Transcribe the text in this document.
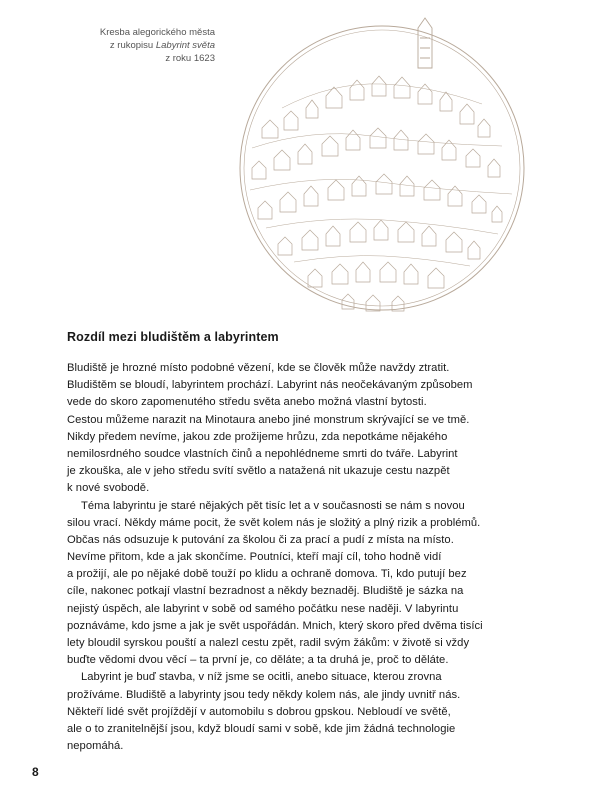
Kresba alegorického města
z rukopisu Labyrint světa
z roku 1623
Rozdíl mezi bludištěm a labyrintem
Bludiště je hrozné místo podobné vězení, kde se člověk může navždy ztratit.
Bludištěm se bloudí, labyrintem prochází. Labyrint nás neočekávaným způsobem
vede do skoro zapomenutého středu světa anebo možná vlastní bytosti.
Cestou můžeme narazit na Minotaura anebo jiné monstrum skrývající se ve tmě.
Nikdy předem nevíme, jakou zde prožijeme hrůzu, zda nepotkáme nějakého
nemilosrdného soudce vlastních činů a nepohlédneme smrti do tváře. Labyrint
je zkouška, ale v jeho středu svítí světlo a natažená nit ukazuje cestu nazpět
k nové svobodě.
Téma labyrintu je staré nějakých pět tisíc let a v současnosti se nám s novou
silou vrací. Někdy máme pocit, že svět kolem nás je složitý a plný rizik a problémů.
Občas nás odsuzuje k putování za školou či za prací a pudí z místa na místo.
Nevíme přitom, kde a jak skončíme. Poutníci, kteří mají cíl, toho hodně vidí
a prožijí, ale po nějaké době touží po klidu a ochraně domova. Ti, kdo putují bez
cíle, nakonec potkají vlastní bezradnost a někdy beznaděj. Bludiště je sázka na
nejistý úspěch, ale labyrint v sobě od samého počátku nese naději. V labyrintu
poznáváme, kdo jsme a jak je svět uspořádán. Mnich, který skoro před dvěma tisíci
lety bloudil syrskou pouští a nalezl cestu zpět, radil svým žákům: v životě si vždy
buďte vědomi dvou věcí – ta první je, co děláte; a ta druhá je, proč to děláte.
Labyrint je buď stavba, v níž jsme se ocitli, anebo situace, kterou zrovna
prožíváme. Bludiště a labyrinty jsou tedy někdy kolem nás, ale jindy uvnitř nás.
Někteří lidé svět projíždějí v automobilu s dobrou gpskou. Nebloudí ve světě,
ale o to zranitelnější jsou, když bloudí sami v sobě, kde jim žádná technologie
nepomáhá.
8
